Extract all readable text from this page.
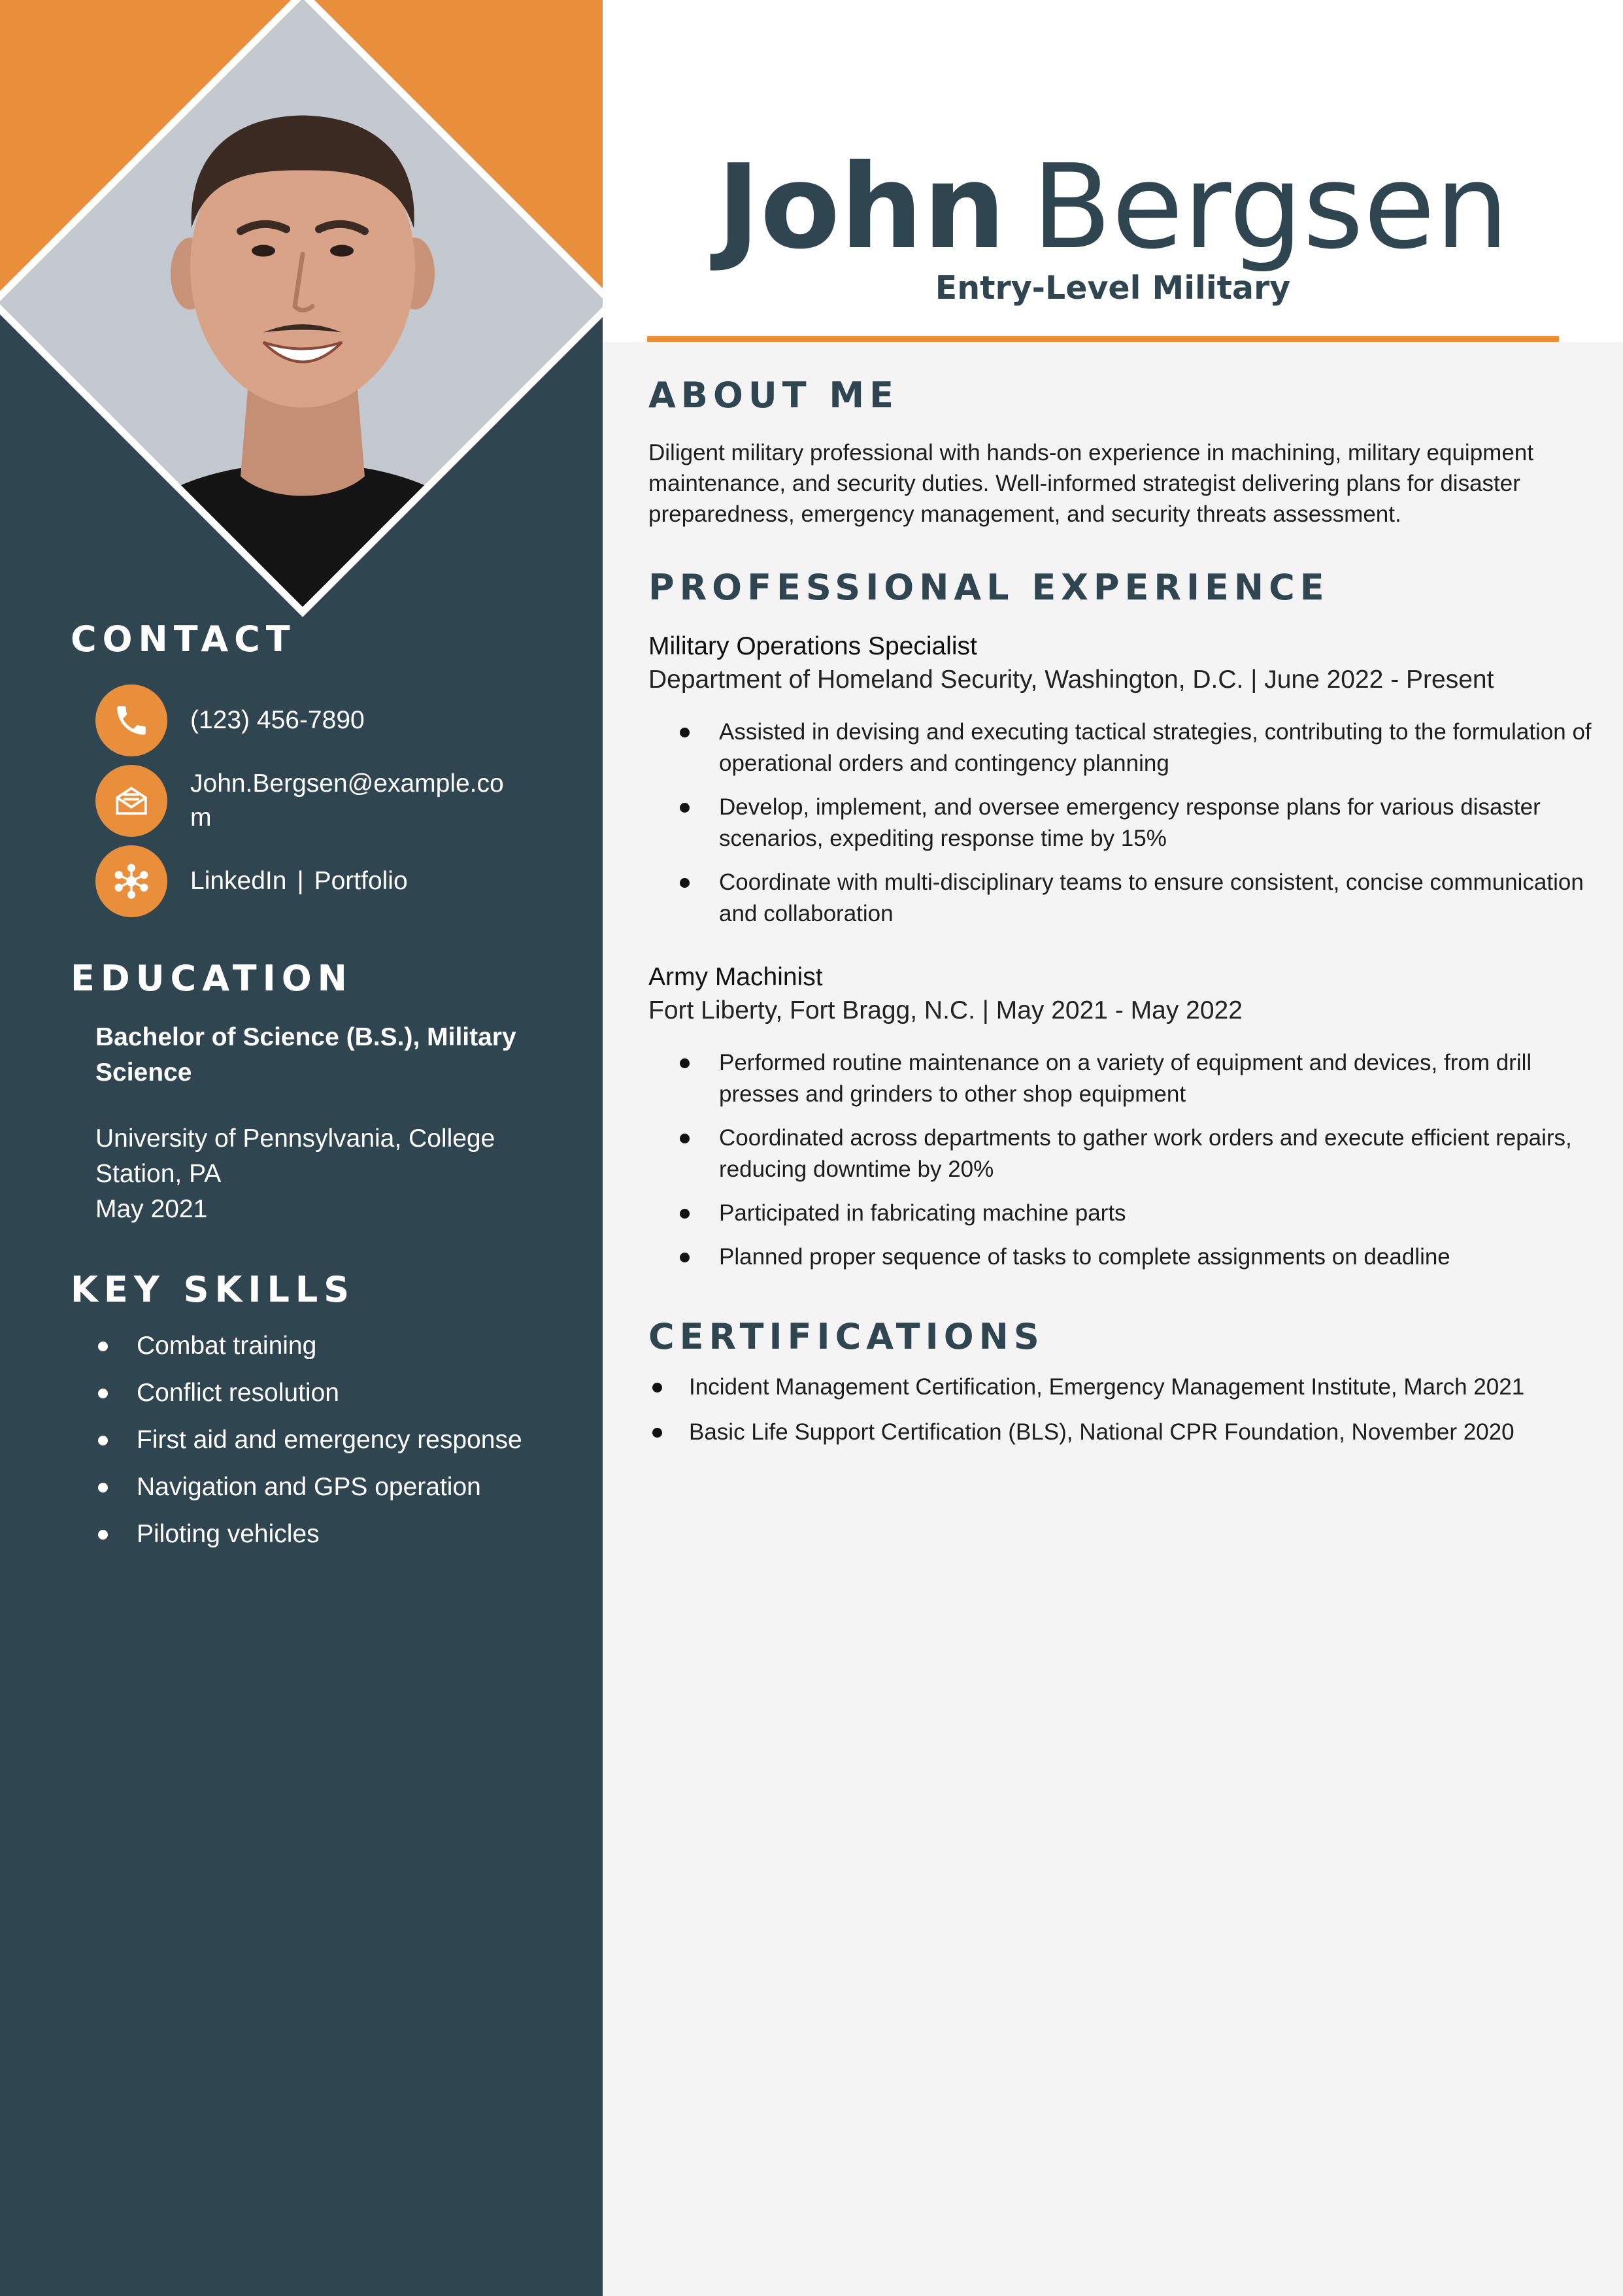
CONTACT
(123) 456-7890
John.Bergsen@example.co m
LinkedIn | Portfolio
EDUCATION
Bachelor of Science (B.S.), Military Science
University of Pennsylvania, College Station, PA
May 2021
KEY SKILLS
Combat training
Conflict resolution
First aid and emergency response
Navigation and GPS operation
Piloting vehicles
John Bergsen

Entry-Level Military

ABOUT ME

Diligent military professional with hands-on experience in machining, military equipment maintenance, and security duties. Well-informed strategist delivering plans for disaster preparedness, emergency management, and security threats assessment.

PROFESSIONAL EXPERIENCE

Military Operations Specialist

Department of Homeland Security, Washington, D.C. | June 2022 - Present

Assisted in devising and executing tactical strategies, contributing to the formulation of operational orders and contingency planning
Develop, implement, and oversee emergency response plans for various disaster scenarios, expediting response time by 15%
Coordinate with multi-disciplinary teams to ensure consistent, concise communication and collaboration

Army Machinist

Fort Liberty, Fort Bragg, N.C. | May 2021 - May 2022

Performed routine maintenance on a variety of equipment and devices, from drill presses and grinders to other shop equipment
Coordinated across departments to gather work orders and execute efficient repairs, reducing downtime by 20%
Participated in fabricating machine parts
Planned proper sequence of tasks to complete assignments on deadline
CERTIFICATIONS
Incident Management Certification, Emergency Management Institute, March 2021
Basic Life Support Certification (BLS), National CPR Foundation, November 2020
